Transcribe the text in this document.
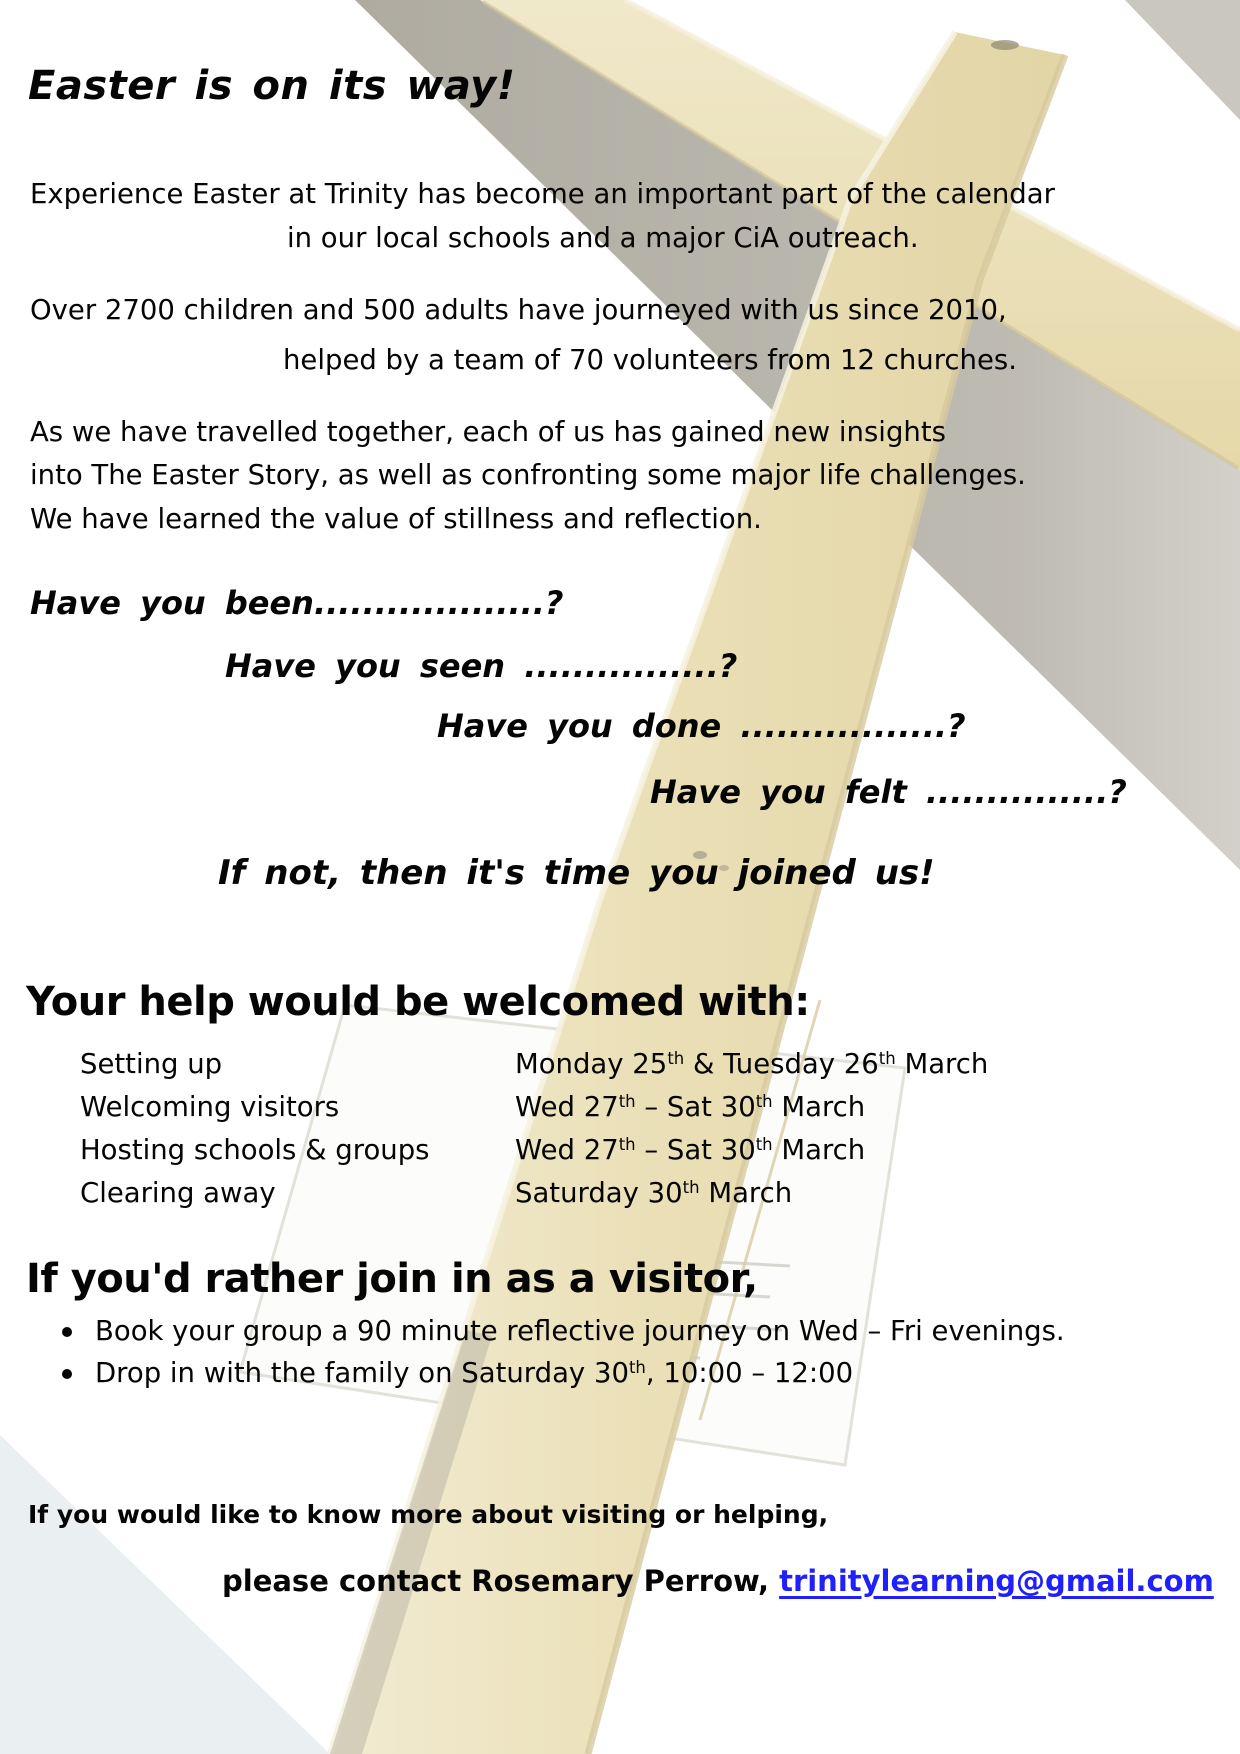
Easter is on its way!
Experience Easter at Trinity has become an important part of the calendar
in our local schools and a major CiA outreach.
Over 2700 children and 500 adults have journeyed with us since 2010,
helped by a team of 70 volunteers from 12 churches.
As we have travelled together, each of us has gained new insights
into The Easter Story, as well as confronting some major life challenges.
We have learned the value of stillness and reflection.
Have you been...................?
Have you seen ................?
Have you done .................?
Have you felt ...............?
If not, then it's time you joined us!
Your help would be welcomed with:
Setting up	Monday 25th & Tuesday 26th March
Welcoming visitors	Wed 27th – Sat 30th March
Hosting schools & groups	Wed 27th – Sat 30th March
Clearing away	Saturday 30th March
If you'd rather join in as a visitor,
Book your group a 90 minute reflective journey on Wed – Fri evenings.
Drop in with the family on Saturday 30th, 10:00 – 12:00
If you would like to know more about visiting or helping,
please contact Rosemary Perrow, trinitylearning@gmail.com
